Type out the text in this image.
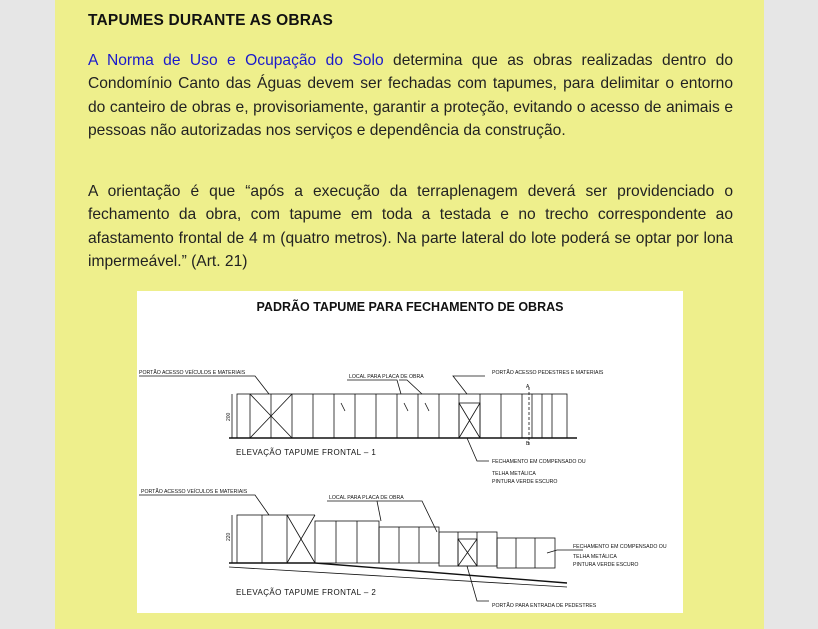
TAPUMES DURANTE AS OBRAS

A Norma de Uso e Ocupação do Solo determina que as obras realizadas dentro do Condomínio Canto das Águas devem ser fechadas com tapumes, para delimitar o entorno do canteiro de obras e, provisoriamente, garantir a proteção, evitando o acesso de animais e pessoas não autorizadas nos serviços e dependência da construção.

A orientação é que “após a execução da terraplenagem deverá ser providenciado o fechamento da obra, com tapume em toda a testada e no trecho correspondente ao afastamento frontal de 4 m (quatro metros). Na parte lateral do lote poderá se optar por lona impermeável.” (Art. 21)

PADRÃO TAPUME PARA FECHAMENTO DE OBRAS
PORTÃO ACESSO VEÍCULOS E MATERIAIS
LOCAL PARA PLACA DE OBRA
PORTÃO ACESSO PEDESTRES E MATERIAIS
FECHAMENTO EM COMPENSADO OU
TELHA METÁLICA
PINTURA VERDE ESCURO
200
A
B
ELEVAÇÃO TAPUME FRONTAL – 1
PORTÃO ACESSO VEÍCULOS E MATERIAIS
LOCAL PARA PLACA DE OBRA
FECHAMENTO EM COMPENSADO OU
TELHA METÁLICA
PINTURA VERDE ESCURO
PORTÃO PARA ENTRADA DE PEDESTRES
220
ELEVAÇÃO TAPUME FRONTAL – 2
